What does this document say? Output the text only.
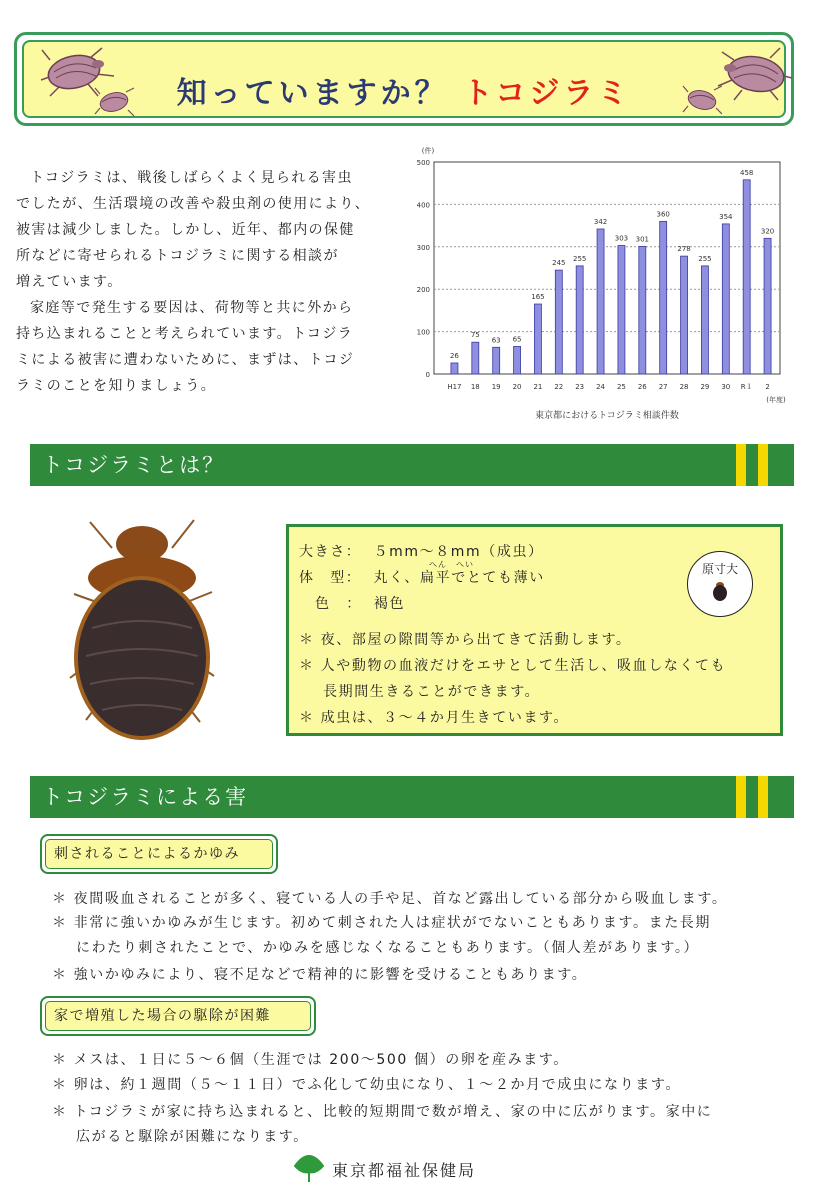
知っていますか？ トコジラミ

トコジラミは、戦後しばらくよく見られる害虫

でしたが、生活環境の改善や殺虫剤の使用により、

被害は減少しました。しかし、近年、都内の保健

所などに寄せられるトコジラミに関する相談が

増えています。

家庭等で発生する要因は、荷物等と共に外から

持ち込まれることと考えられています。トコジラ

ミによる被害に遭わないために、まずは、トコジ

ラミのことを知りましょう。

0
100
200
300
400
500
(件)
26
H17
75
18
63
19
65
20
165
21
245
22
255
23
342
24
303
25
301
26
360
27
278
28
255
29
354
30
458
R１
320
2
(年度)
東京都におけるトコジラミ相談件数
トコジラミとは？
大きさ： ５mm～８mm（成虫）
へん　へい
体　型： 丸く、扁平でとても薄い
色　： 褐色
＊ 夜、部屋の隙間等から出てきて活動します。
＊ 人や動物の血液だけをエサとして生活し、吸血しなくても
長期間生きることができます。
＊ 成虫は、３～４か月生きています。
原寸大
トコジラミによる害
刺されることによるかゆみ
＊ 夜間吸血されることが多く、寝ている人の手や足、首など露出している部分から吸血します。
＊ 非常に強いかゆみが生じます。初めて刺された人は症状がでないこともあります。また長期
にわたり刺されたことで、かゆみを感じなくなることもあります。（個人差があります。）
＊ 強いかゆみにより、寝不足などで精神的に影響を受けることもあります。
家で増殖した場合の駆除が困難
＊ メスは、１日に５～６個（生涯では 200～500 個）の卵を産みます。
＊ 卵は、約１週間（５～１１日）でふ化して幼虫になり、１～２か月で成虫になります。
＊ トコジラミが家に持ち込まれると、比較的短期間で数が増え、家の中に広がります。家中に
広がると駆除が困難になります。
東京都福祉保健局
